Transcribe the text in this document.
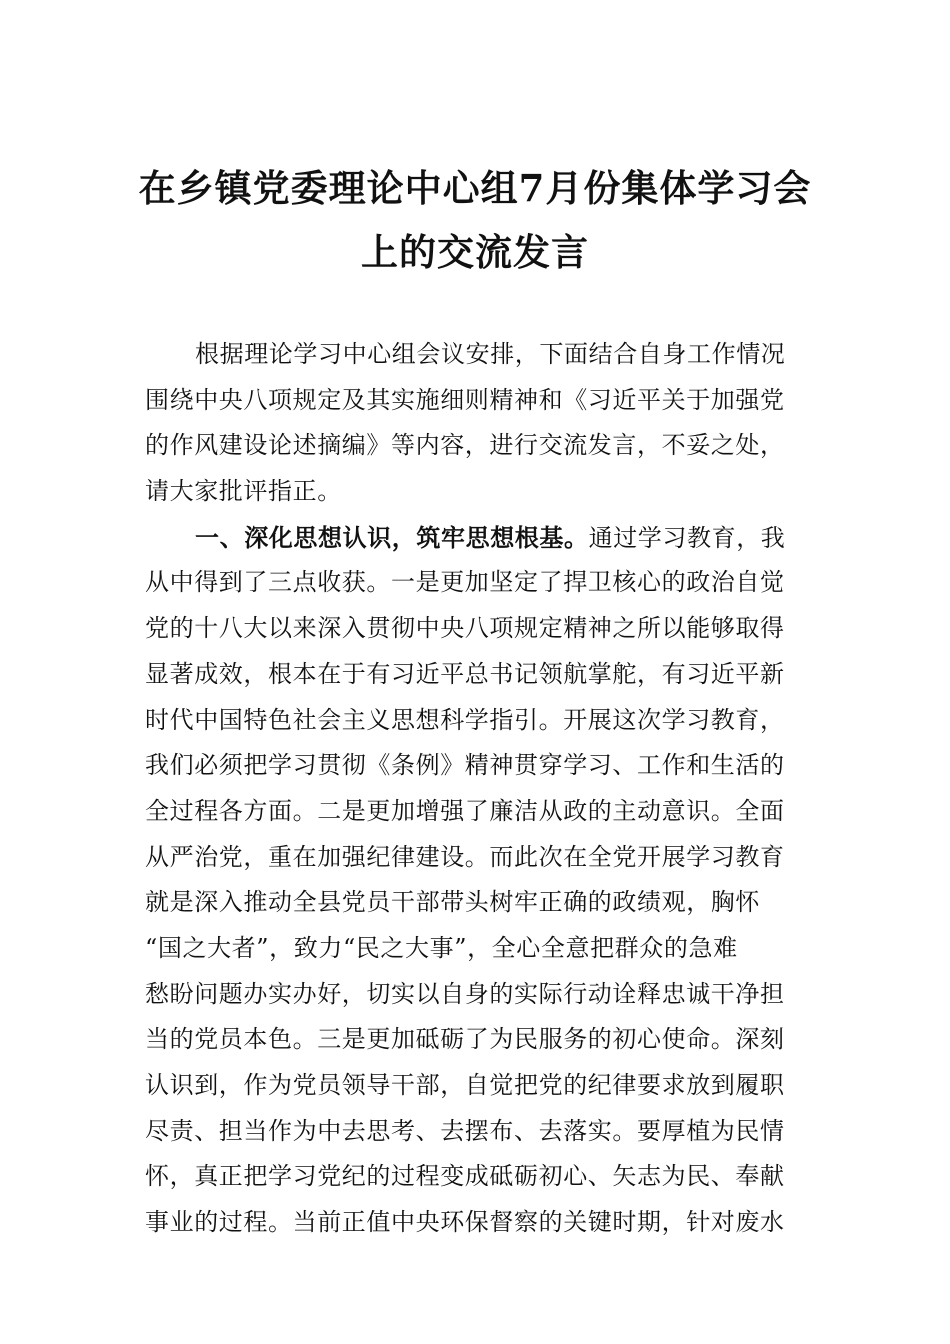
在乡镇党委理论中心组7月份集体学习会
上的交流发言
根据理论学习中心组会议安排，下面结合自身工作情况
围绕中央八项规定及其实施细则精神和《习近平关于加强党
的作风建设论述摘编》等内容，进行交流发言，不妥之处，
请大家批评指正。
一、深化思想认识，筑牢思想根基。通过学习教育，我
从中得到了三点收获。一是更加坚定了捍卫核心的政治自觉
党的十八大以来深入贯彻中央八项规定精神之所以能够取得
显著成效，根本在于有习近平总书记领航掌舵，有习近平新
时代中国特色社会主义思想科学指引。开展这次学习教育，
我们必须把学习贯彻《条例》精神贯穿学习、工作和生活的
全过程各方面。二是更加增强了廉洁从政的主动意识。全面
从严治党，重在加强纪律建设。而此次在全党开展学习教育
就是深入推动全县党员干部带头树牢正确的政绩观，胸怀
“国之大者”，致力“民之大事”，全心全意把群众的急难
愁盼问题办实办好，切实以自身的实际行动诠释忠诚干净担
当的党员本色。三是更加砥砺了为民服务的初心使命。深刻
认识到，作为党员领导干部，自觉把党的纪律要求放到履职
尽责、担当作为中去思考、去摆布、去落实。要厚植为民情
怀，真正把学习党纪的过程变成砥砺初心、矢志为民、奉献
事业的过程。当前正值中央环保督察的关键时期，针对废水
